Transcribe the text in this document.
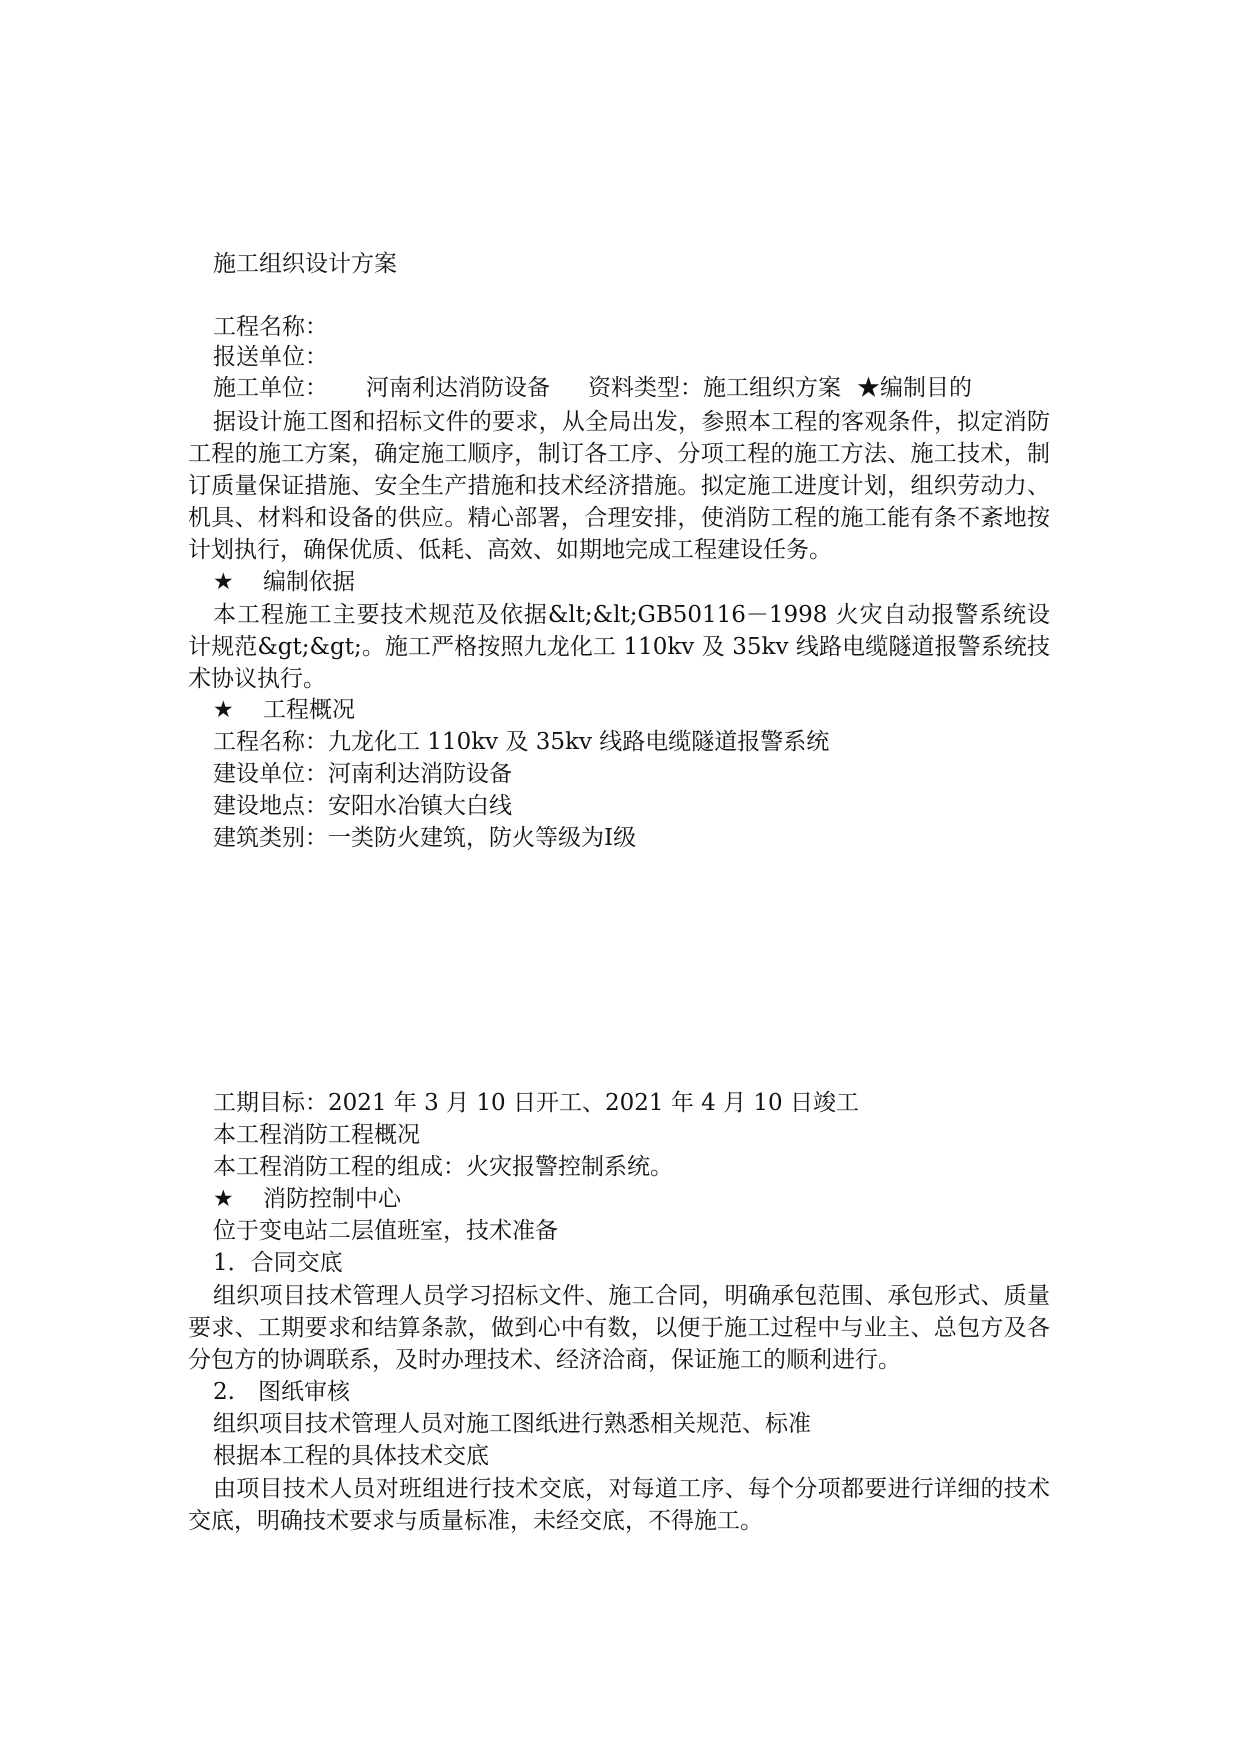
施工组织设计方案
工程名称：
报送单位：
施工单位： 河南利达消防设备 资料类型：施工组织方案 ★编制目的
据设计施工图和招标文件的要求，从全局出发，参照本工程的客观条件，拟定消防工程的施工方案，确定施工顺序，制订各工序、分项工程的施工方法、施工技术，制订质量保证措施、安全生产措施和技术经济措施。拟定施工进度计划，组织劳动力、机具、材料和设备的供应。精心部署，合理安排，使消防工程的施工能有条不紊地按计划执行，确保优质、低耗、高效、如期地完成工程建设任务。
★ 编制依据
本工程施工主要技术规范及依据&lt;&lt;GB50116－1998 火灾自动报警系统设计规范&gt;&gt;。施工严格按照九龙化工 110kv 及 35kv 线路电缆隧道报警系统技术协议执行。
★ 工程概况
工程名称：九龙化工 110kv 及 35kv 线路电缆隧道报警系统
建设单位：河南利达消防设备
建设地点：安阳水冶镇大白线
建筑类别：一类防火建筑，防火等级为Ⅰ级
工期目标：2021 年 3 月 10 日开工、2021 年 4 月 10 日竣工
本工程消防工程概况
本工程消防工程的组成：火灾报警控制系统。
★ 消防控制中心
位于变电站二层值班室，技术准备
1．合同交底
组织项目技术管理人员学习招标文件、施工合同，明确承包范围、承包形式、质量要求、工期要求和结算条款，做到心中有数，以便于施工过程中与业主、总包方及各分包方的协调联系，及时办理技术、经济洽商，保证施工的顺利进行。
2.　图纸审核
组织项目技术管理人员对施工图纸进行熟悉相关规范、标准
根据本工程的具体技术交底
由项目技术人员对班组进行技术交底，对每道工序、每个分项都要进行详细的技术交底，明确技术要求与质量标准，未经交底，不得施工。
